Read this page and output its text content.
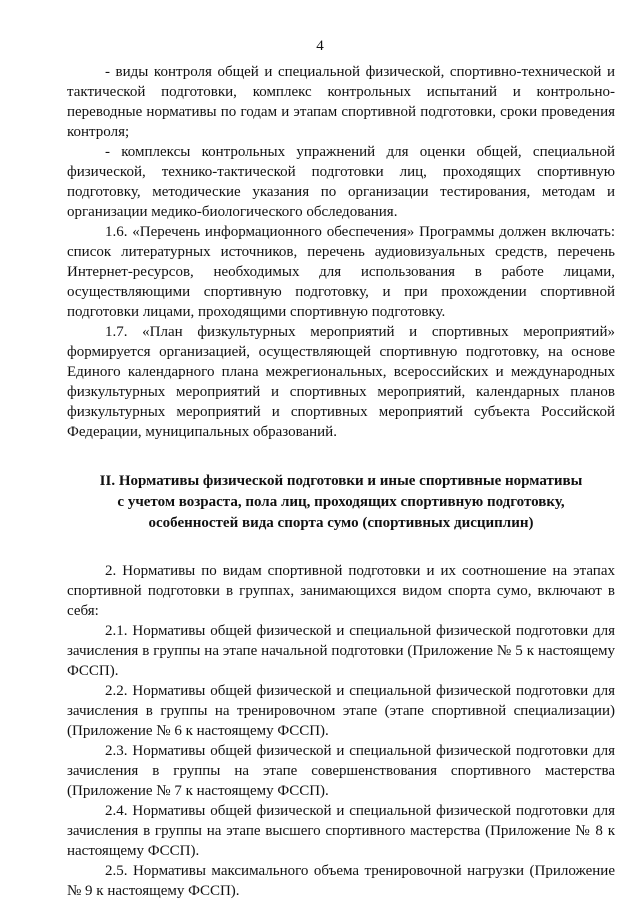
4

- виды контроля общей и специальной физической, спортивно-технической и тактической подготовки, комплекс контрольных испытаний и контрольно-переводные нормативы по годам и этапам спортивной подготовки, сроки проведения контроля;

- комплексы контрольных упражнений для оценки общей, специальной физической, технико-тактической подготовки лиц, проходящих спортивную подготовку, методические указания по организации тестирования, методам и организации медико-биологического обследования.

1.6. «Перечень информационного обеспечения» Программы должен включать: список литературных источников, перечень аудиовизуальных средств, перечень Интернет-ресурсов, необходимых для использования в работе лицами, осуществляющими спортивную подготовку, и при прохождении спортивной подготовки лицами, проходящими спортивную подготовку.

1.7. «План физкультурных мероприятий и спортивных мероприятий» формируется организацией, осуществляющей спортивную подготовку, на основе Единого календарного плана межрегиональных, всероссийских и международных физкультурных мероприятий и спортивных мероприятий, календарных планов физкультурных мероприятий и спортивных мероприятий субъекта Российской Федерации, муниципальных образований.

II. Нормативы физической подготовки и иные спортивные нормативы
с учетом возраста, пола лиц, проходящих спортивную подготовку,
особенностей вида спорта сумо (спортивных дисциплин)

2. Нормативы по видам спортивной подготовки и их соотношение на этапах спортивной подготовки в группах, занимающихся видом спорта сумо, включают в себя:

2.1. Нормативы общей физической и специальной физической подготовки для зачисления в группы на этапе начальной подготовки (Приложение № 5 к настоящему ФССП).

2.2. Нормативы общей физической и специальной физической подготовки для зачисления в группы на тренировочном этапе (этапе спортивной специализации) (Приложение № 6 к настоящему ФССП).

2.3. Нормативы общей физической и специальной физической подготовки для зачисления в группы на этапе совершенствования спортивного мастерства (Приложение № 7 к настоящему ФССП).

2.4. Нормативы общей физической и специальной физической подготовки для зачисления в группы на этапе высшего спортивного мастерства (Приложение № 8 к настоящему ФССП).

2.5. Нормативы максимального объема тренировочной нагрузки (Приложение № 9 к настоящему ФССП).
